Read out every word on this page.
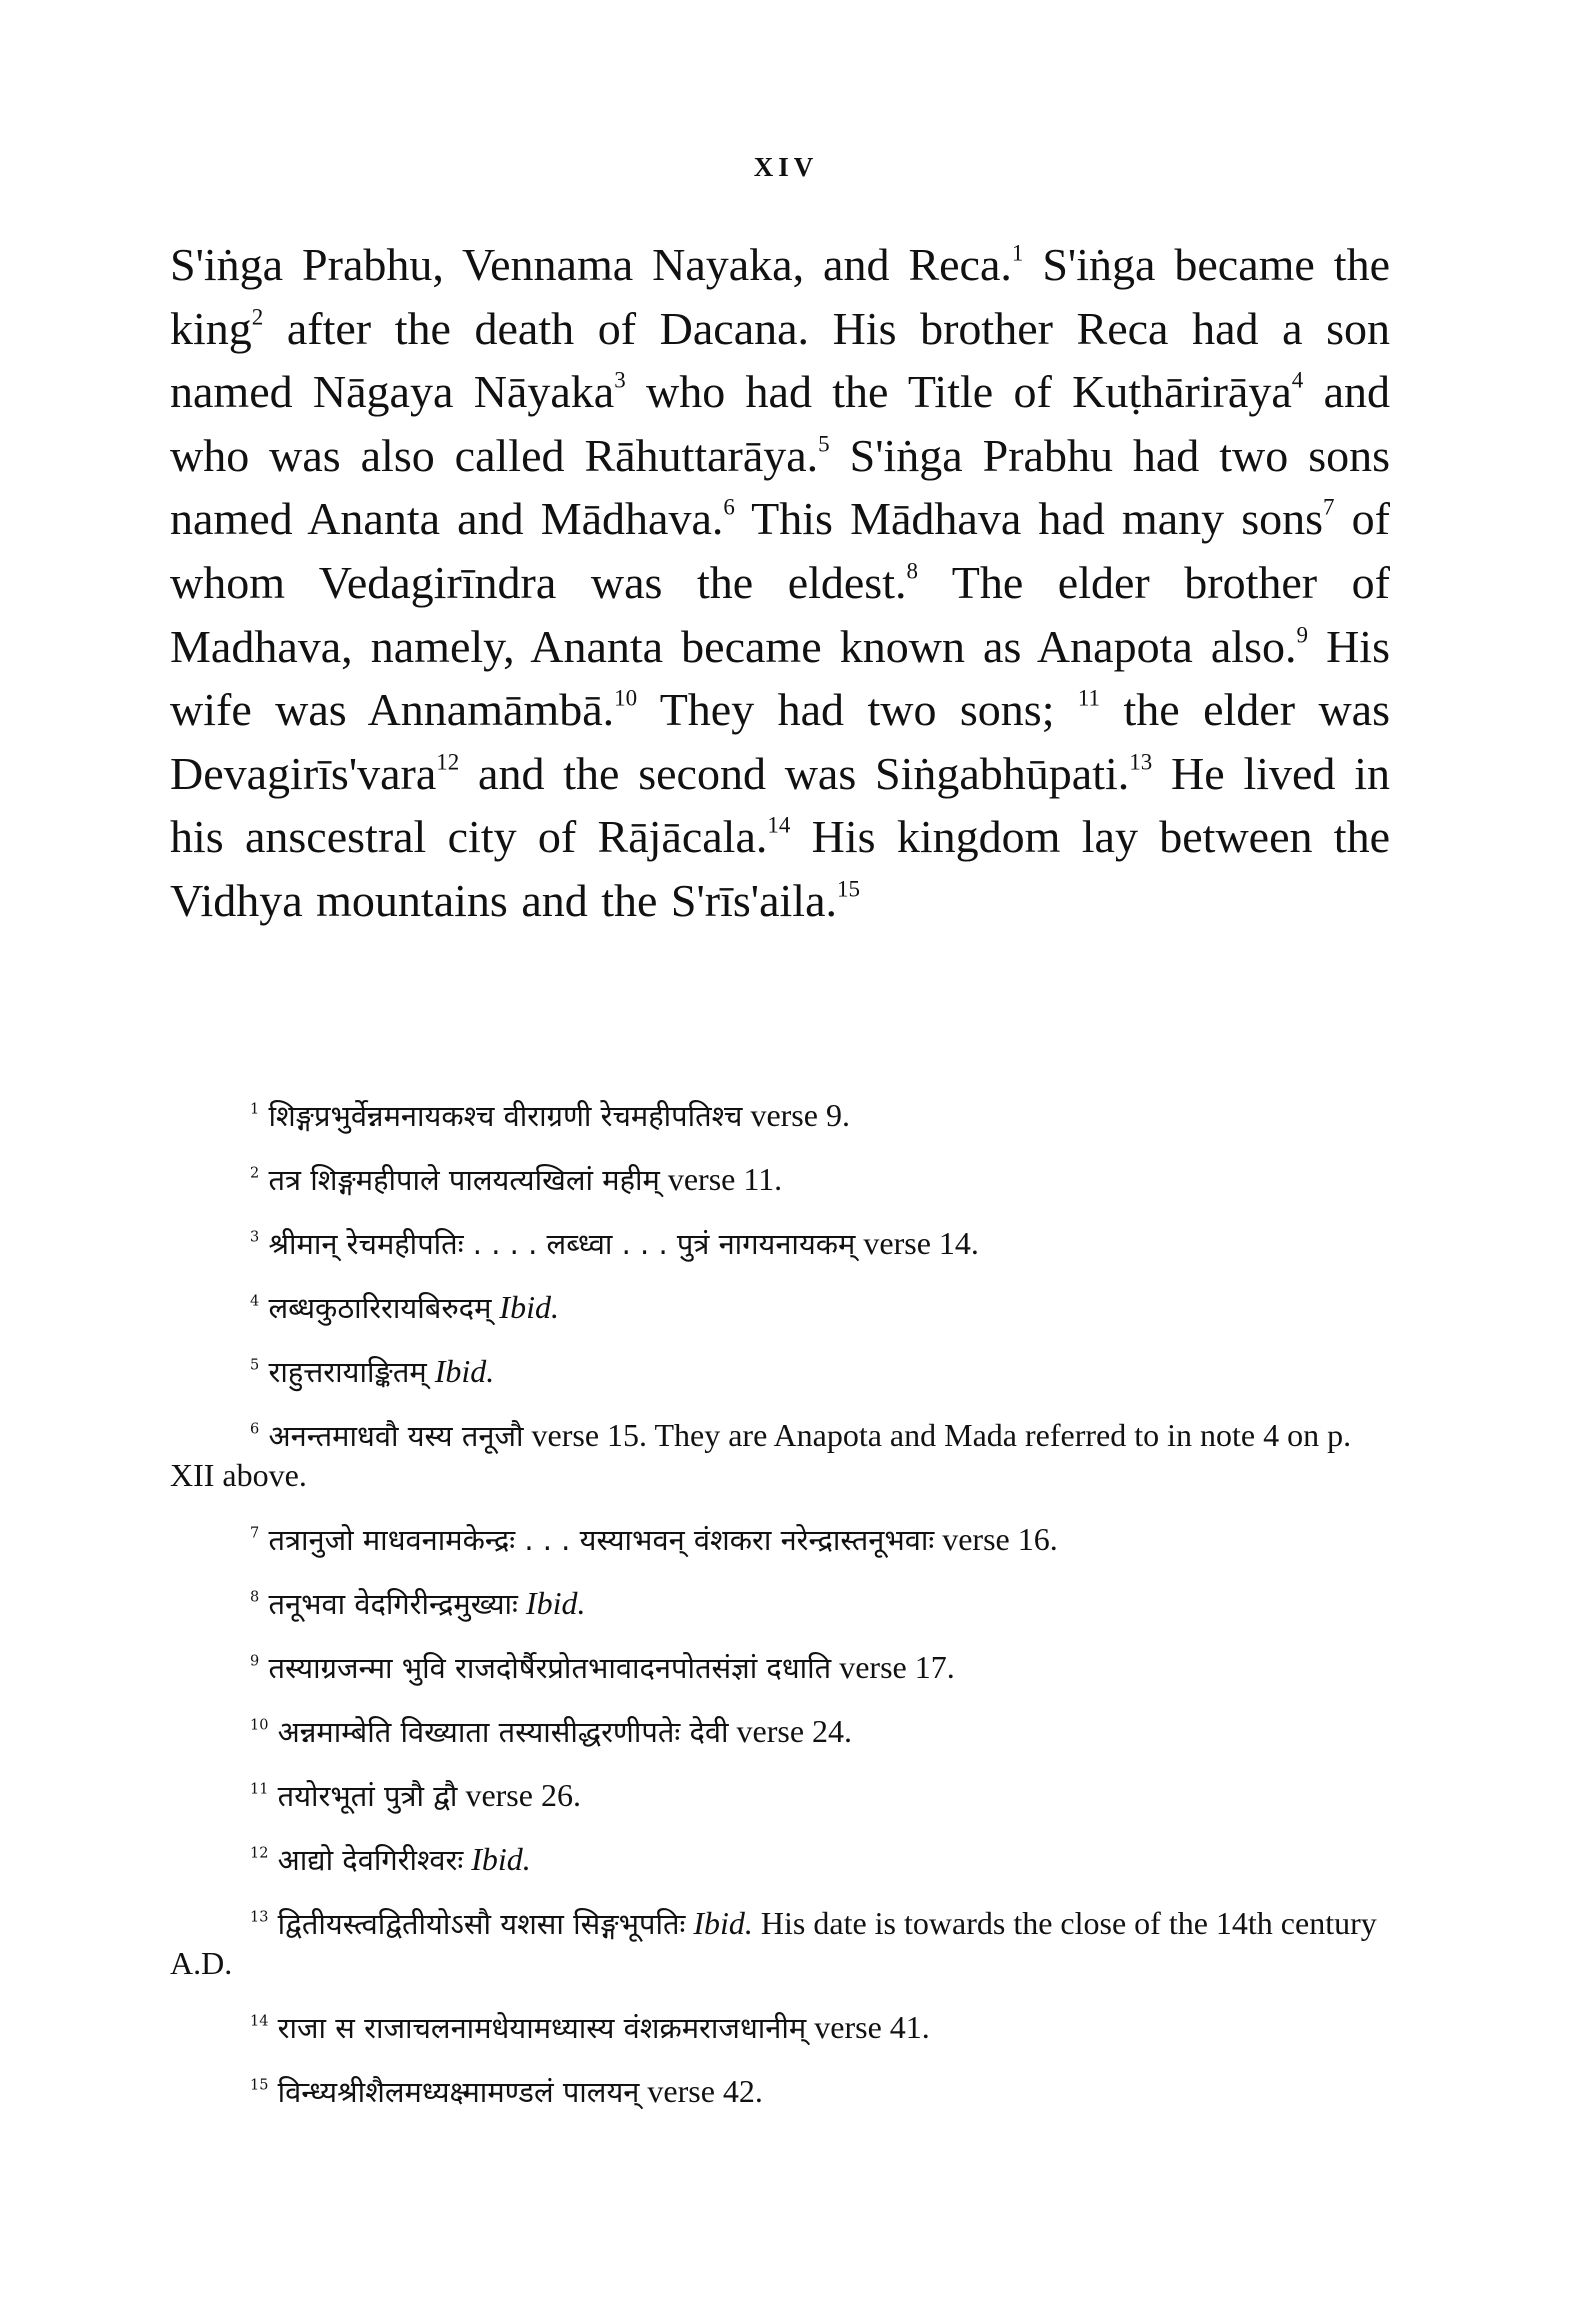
XIV

S'iṅga Prabhu, Vennama Nayaka, and Reca.$^1$ S'iṅga became the king$^2$ after the death of Dacana. His brother Reca had a son named Nāgaya Nāyaka$^3$ who had the Title of Kuṭhārirāya$^4$ and who was also called Rāhuttarāya.$^5$ S'iṅga Prabhu had two sons named Ananta and Mādhava.$^6$ This Mādhava had many sons$^7$ of whom Vedagirīndra was the eldest.$^8$ The elder brother of Madhava, namely, Ananta became known as Anapota also.$^9$ His wife was Annamāmbā.$^{10}$ They had two sons; $^{11}$ the elder was Devagirīs'vara$^{12}$ and the second was Siṅgabhūpati.$^{13}$ He lived in his anscestral city of Rājācala.$^{14}$ His kingdom lay between the Vidhya mountains and the S'rīs'aila.$^{15}$

$^1$ शिङ्गप्रभुर्वेन्नमनायकश्च वीराग्रणी रेचमहीपतिश्च verse 9.
$^2$ तत्र शिङ्गमहीपाले पालयत्यखिलां महीम् verse 11.
$^3$ श्रीमान् रेचमहीपतिः . . . . लब्ध्वा . . . पुत्रं नागयनायकम् verse 14.
$^4$ लब्धकुठारिरायबिरुदम् Ibid.
$^5$ राहुत्तरायाङ्कितम् Ibid.
$^6$ अनन्तमाधवौ यस्य तनूजौ verse 15. They are Anapota and Mada referred to in note 4 on p. XII above.
$^7$ तत्रानुजो माधवनामकेन्द्रः . . . यस्याभवन् वंशकरा नरेन्द्रास्तनूभवाः verse 16.
$^8$ तनूभवा वेदगिरीन्द्रमुख्याः Ibid.
$^9$ तस्याग्रजन्मा भुवि राजदोर्षैरप्रोतभावादनपोतसंज्ञां दधाति verse 17.
$^{10}$ अन्नमाम्बेति विख्याता तस्यासीद्धरणीपतेः देवी verse 24.
$^{11}$ तयोरभूतां पुत्रौ द्वौ verse 26.
$^{12}$ आद्यो देवगिरीश्वरः Ibid.
$^{13}$ द्वितीयस्त्वद्वितीयोऽसौ यशसा सिङ्गभूपतिः Ibid. His date is towards the close of the 14th century A.D.
$^{14}$ राजा स राजाचलनामधेयामध्यास्य वंशक्रमराजधानीम् verse 41.
$^{15}$ विन्ध्यश्रीशैलमध्यक्ष्मामण्डलं पालयन् verse 42.
